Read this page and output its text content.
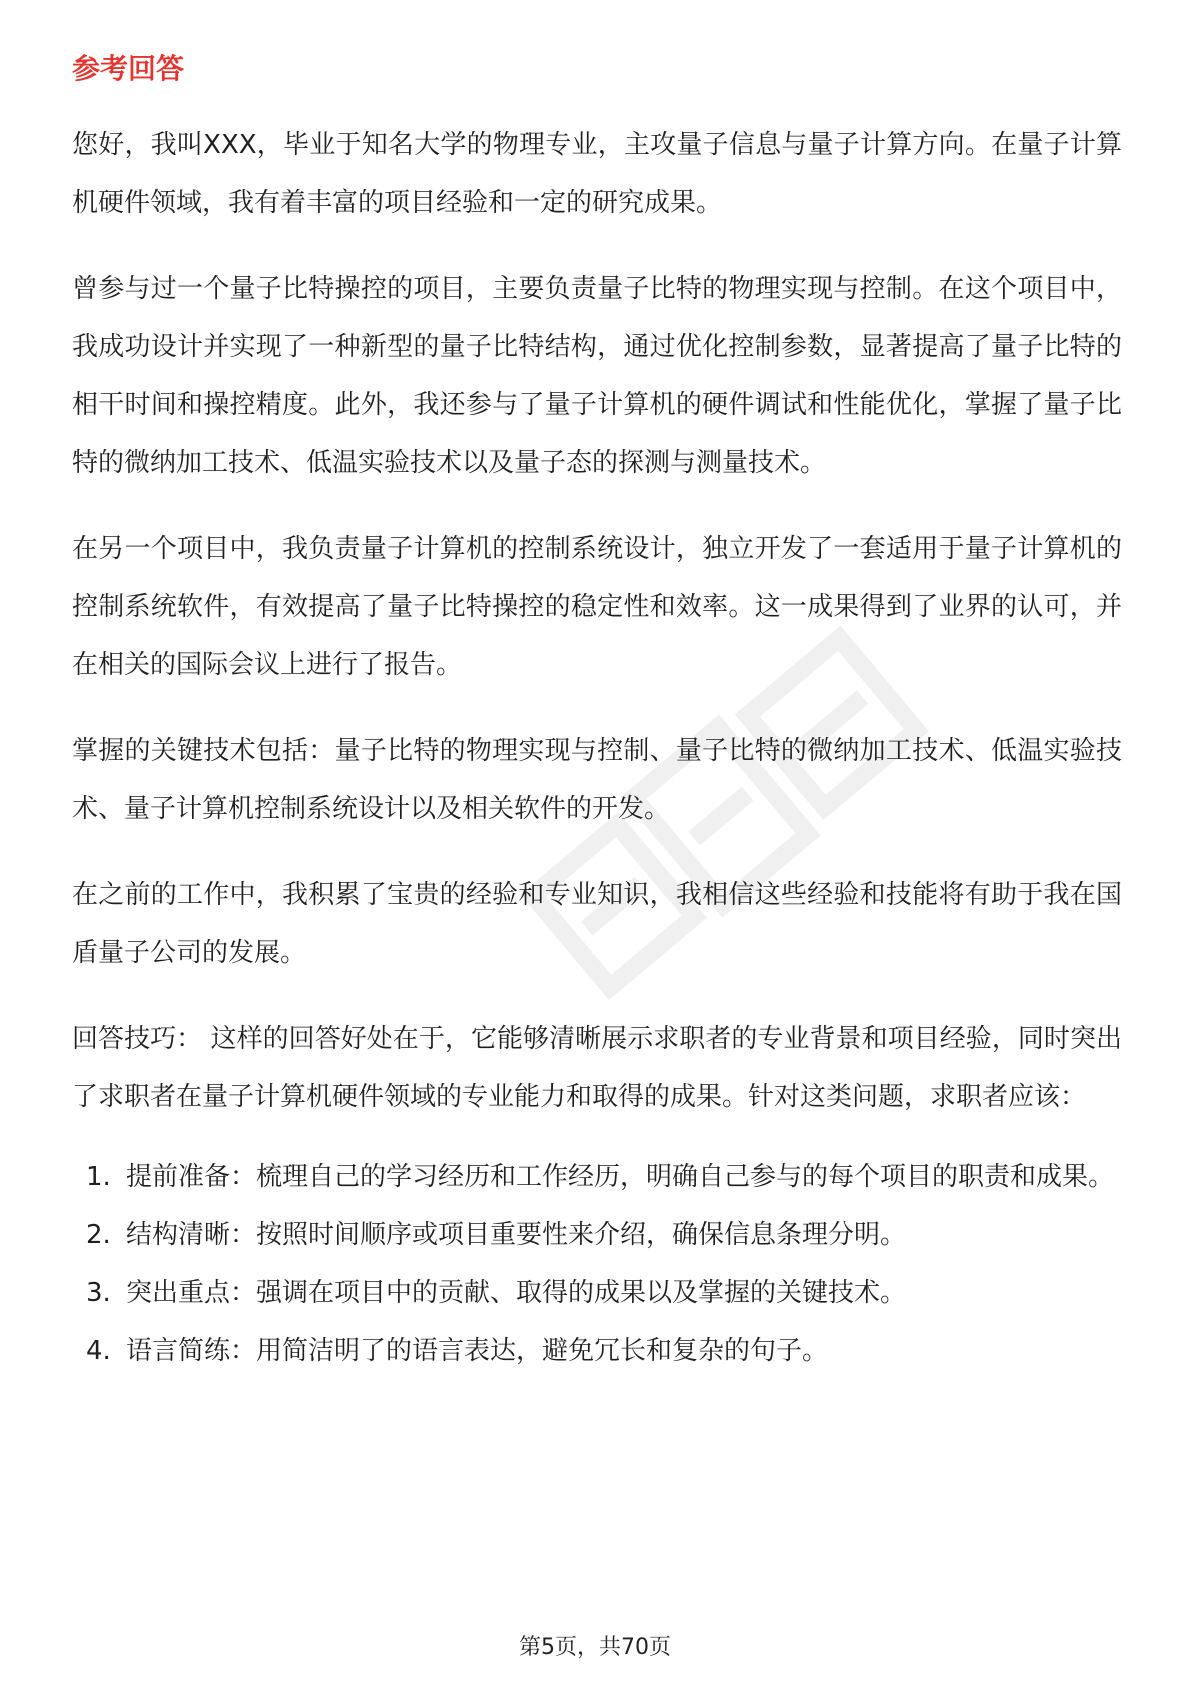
参考回答

您好，我叫XXX，毕业于知名大学的物理专业，主攻量子信息与量子计算方向。在量子计算机硬件领域，我有着丰富的项目经验和一定的研究成果。

曾参与过一个量子比特操控的项目，主要负责量子比特的物理实现与控制。在这个项目中，我成功设计并实现了一种新型的量子比特结构，通过优化控制参数，显著提高了量子比特的相干时间和操控精度。此外，我还参与了量子计算机的硬件调试和性能优化，掌握了量子比特的微纳加工技术、低温实验技术以及量子态的探测与测量技术。

在另一个项目中，我负责量子计算机的控制系统设计，独立开发了一套适用于量子计算机的控制系统软件，有效提高了量子比特操控的稳定性和效率。这一成果得到了业界的认可，并在相关的国际会议上进行了报告。

掌握的关键技术包括：量子比特的物理实现与控制、量子比特的微纳加工技术、低温实验技术、量子计算机控制系统设计以及相关软件的开发。

在之前的工作中，我积累了宝贵的经验和专业知识，我相信这些经验和技能将有助于我在国盾量子公司的发展。

回答技巧： 这样的回答好处在于，它能够清晰展示求职者的专业背景和项目经验，同时突出了求职者在量子计算机硬件领域的专业能力和取得的成果。针对这类问题，求职者应该：

1. 提前准备：梳理自己的学习经历和工作经历，明确自己参与的每个项目的职责和成果。
2. 结构清晰：按照时间顺序或项目重要性来介绍，确保信息条理分明。
3. 突出重点：强调在项目中的贡献、取得的成果以及掌握的关键技术。
4. 语言简练：用简洁明了的语言表达，避免冗长和复杂的句子。
第5页，共70页
